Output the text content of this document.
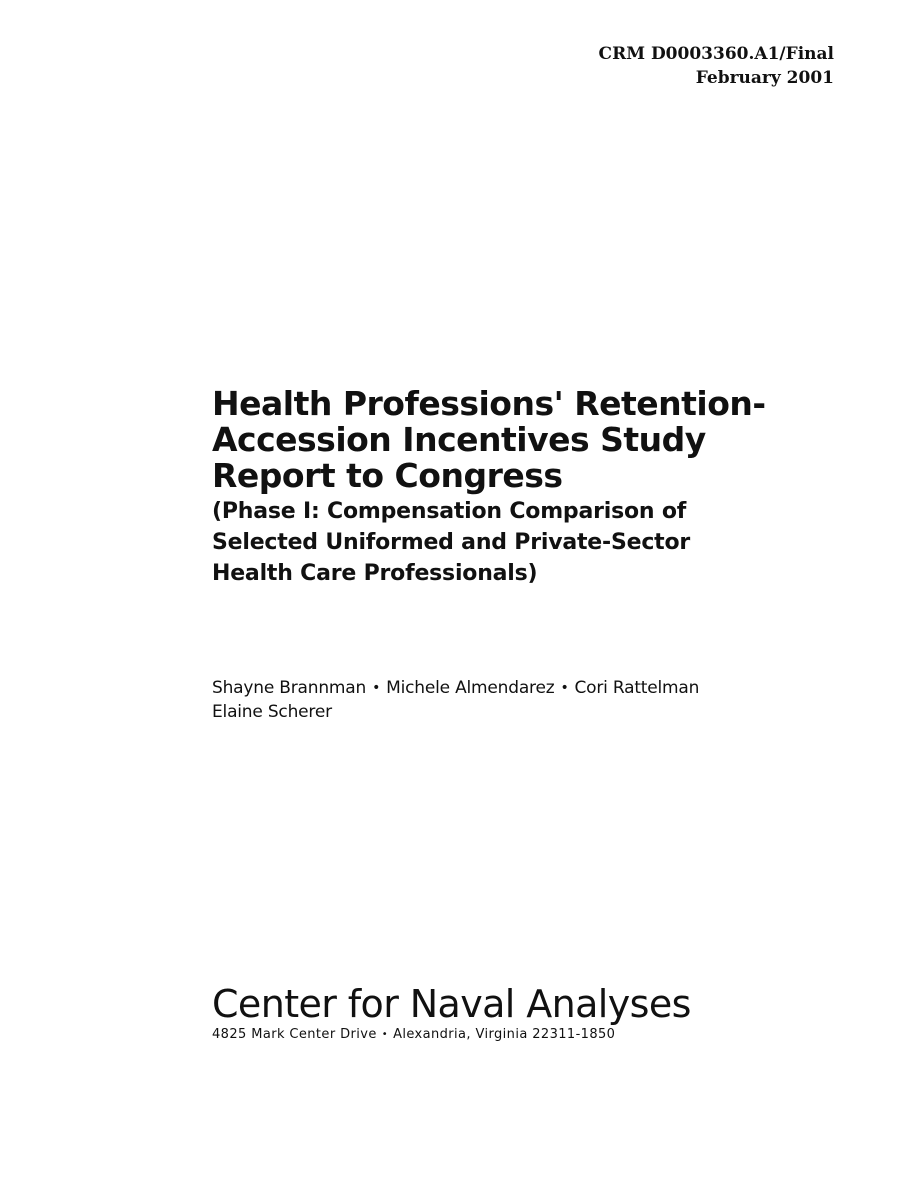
CRM D0003360.A1/Final
February 2001
Health Professions' Retention-
Accession Incentives Study
Report to Congress
(Phase I: Compensation Comparison of
Selected Uniformed and Private-Sector
Health Care Professionals)
Shayne Brannman • Michele Almendarez • Cori Rattelman
Elaine Scherer
Center for Naval Analyses
4825 Mark Center Drive • Alexandria, Virginia 22311-1850
